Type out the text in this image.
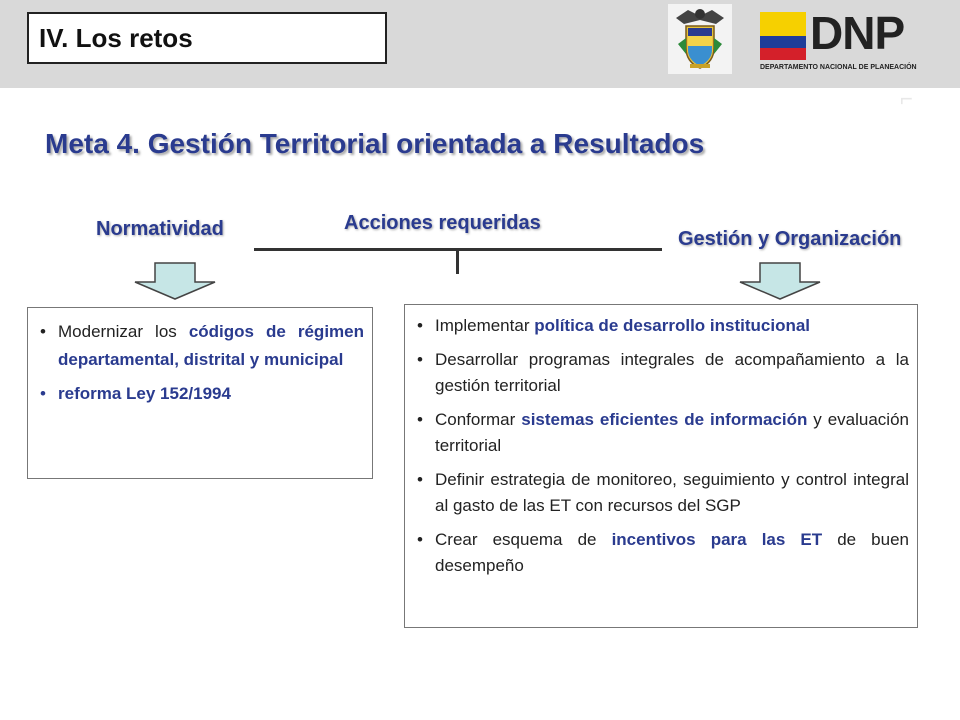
IV. Los retos	DNP
DEPARTAMENTO NACIONAL DE PLANEACIÓN
⌐
Meta 4. Gestión Territorial orientada a Resultados
Normatividad	Acciones requeridas
Gestión y Organización
• Modernizar los códigos de régimen departamental, distrital y municipal
• reforma Ley 152/1994
• Implementar política de desarrollo institucional
• Desarrollar programas integrales de acompañamiento a la gestión territorial
• Conformar sistemas eficientes de información y evaluación territorial
• Definir estrategia de monitoreo, seguimiento y control integral al gasto de las ET con recursos del SGP
• Crear esquema de incentivos para las ET de buen desempeño
